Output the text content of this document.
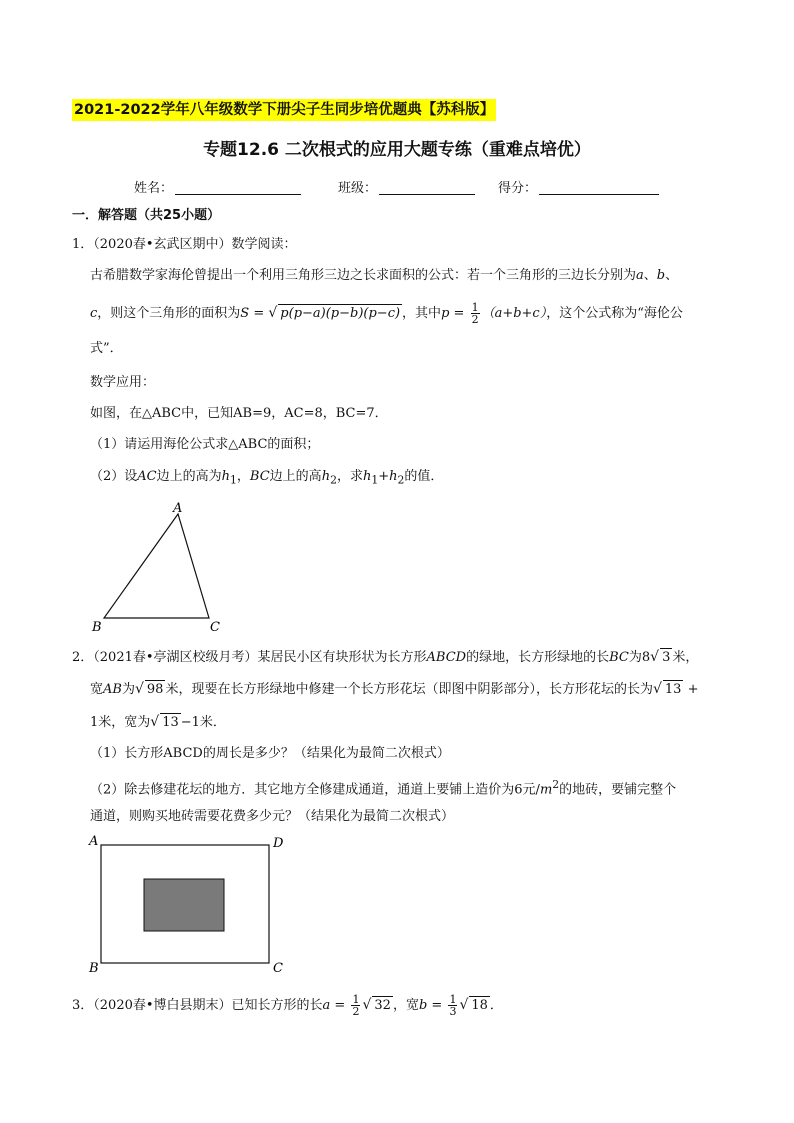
2021-2022学年八年级数学下册尖子生同步培优题典【苏科版】
专题12.6 二次根式的应用大题专练（重难点培优）
姓名：	班级：	得分：
一．解答题（共25小题）
1．（2020春•玄武区期中）数学阅读：
古希腊数学家海伦曾提出一个利用三角形三边之长求面积的公式：若一个三角形的三边长分别为a、b、
c，则这个三角形的面积为S = √ p(p−a)(p−b)(p−c) ，其中$p = \frac{1}{2} (a+b+c)$，这个公式称为“海伦公
式”．
数学应用：
如图，在△ABC中，已知AB=9，AC=8，BC=7．
（1）请运用海伦公式求△ABC的面积；
（2）设AC边上的高为$h_1$，BC边上的高$h_2$，求$h_1+h_2$的值．
A
B	C
2．（2021春•亭湖区校级月考）某居民小区有块形状为长方形ABCD的绿地，长方形绿地的长BC为8√ 3 米，
宽AB为√ 98 米，现要在长方形绿地中修建一个长方形花坛（即图中阴影部分），长方形花坛的长为√ 13 +
1米，宽为√ 13 −1米．
（1）长方形ABCD的周长是多少？（结果化为最简二次根式）
（2）除去修建花坛的地方．其它地方全修建成通道，通道上要铺上造价为6元$/m^2$的地砖，要铺完整个
通道，则购买地砖需要花费多少元？（结果化为最简二次根式）
A	D
B	C
3．（2020春•博白县期末）已知长方形的长$a = \frac{1}{2}$ √ 32 ，宽$b = \frac{1}{3}$ √ 18 ．
